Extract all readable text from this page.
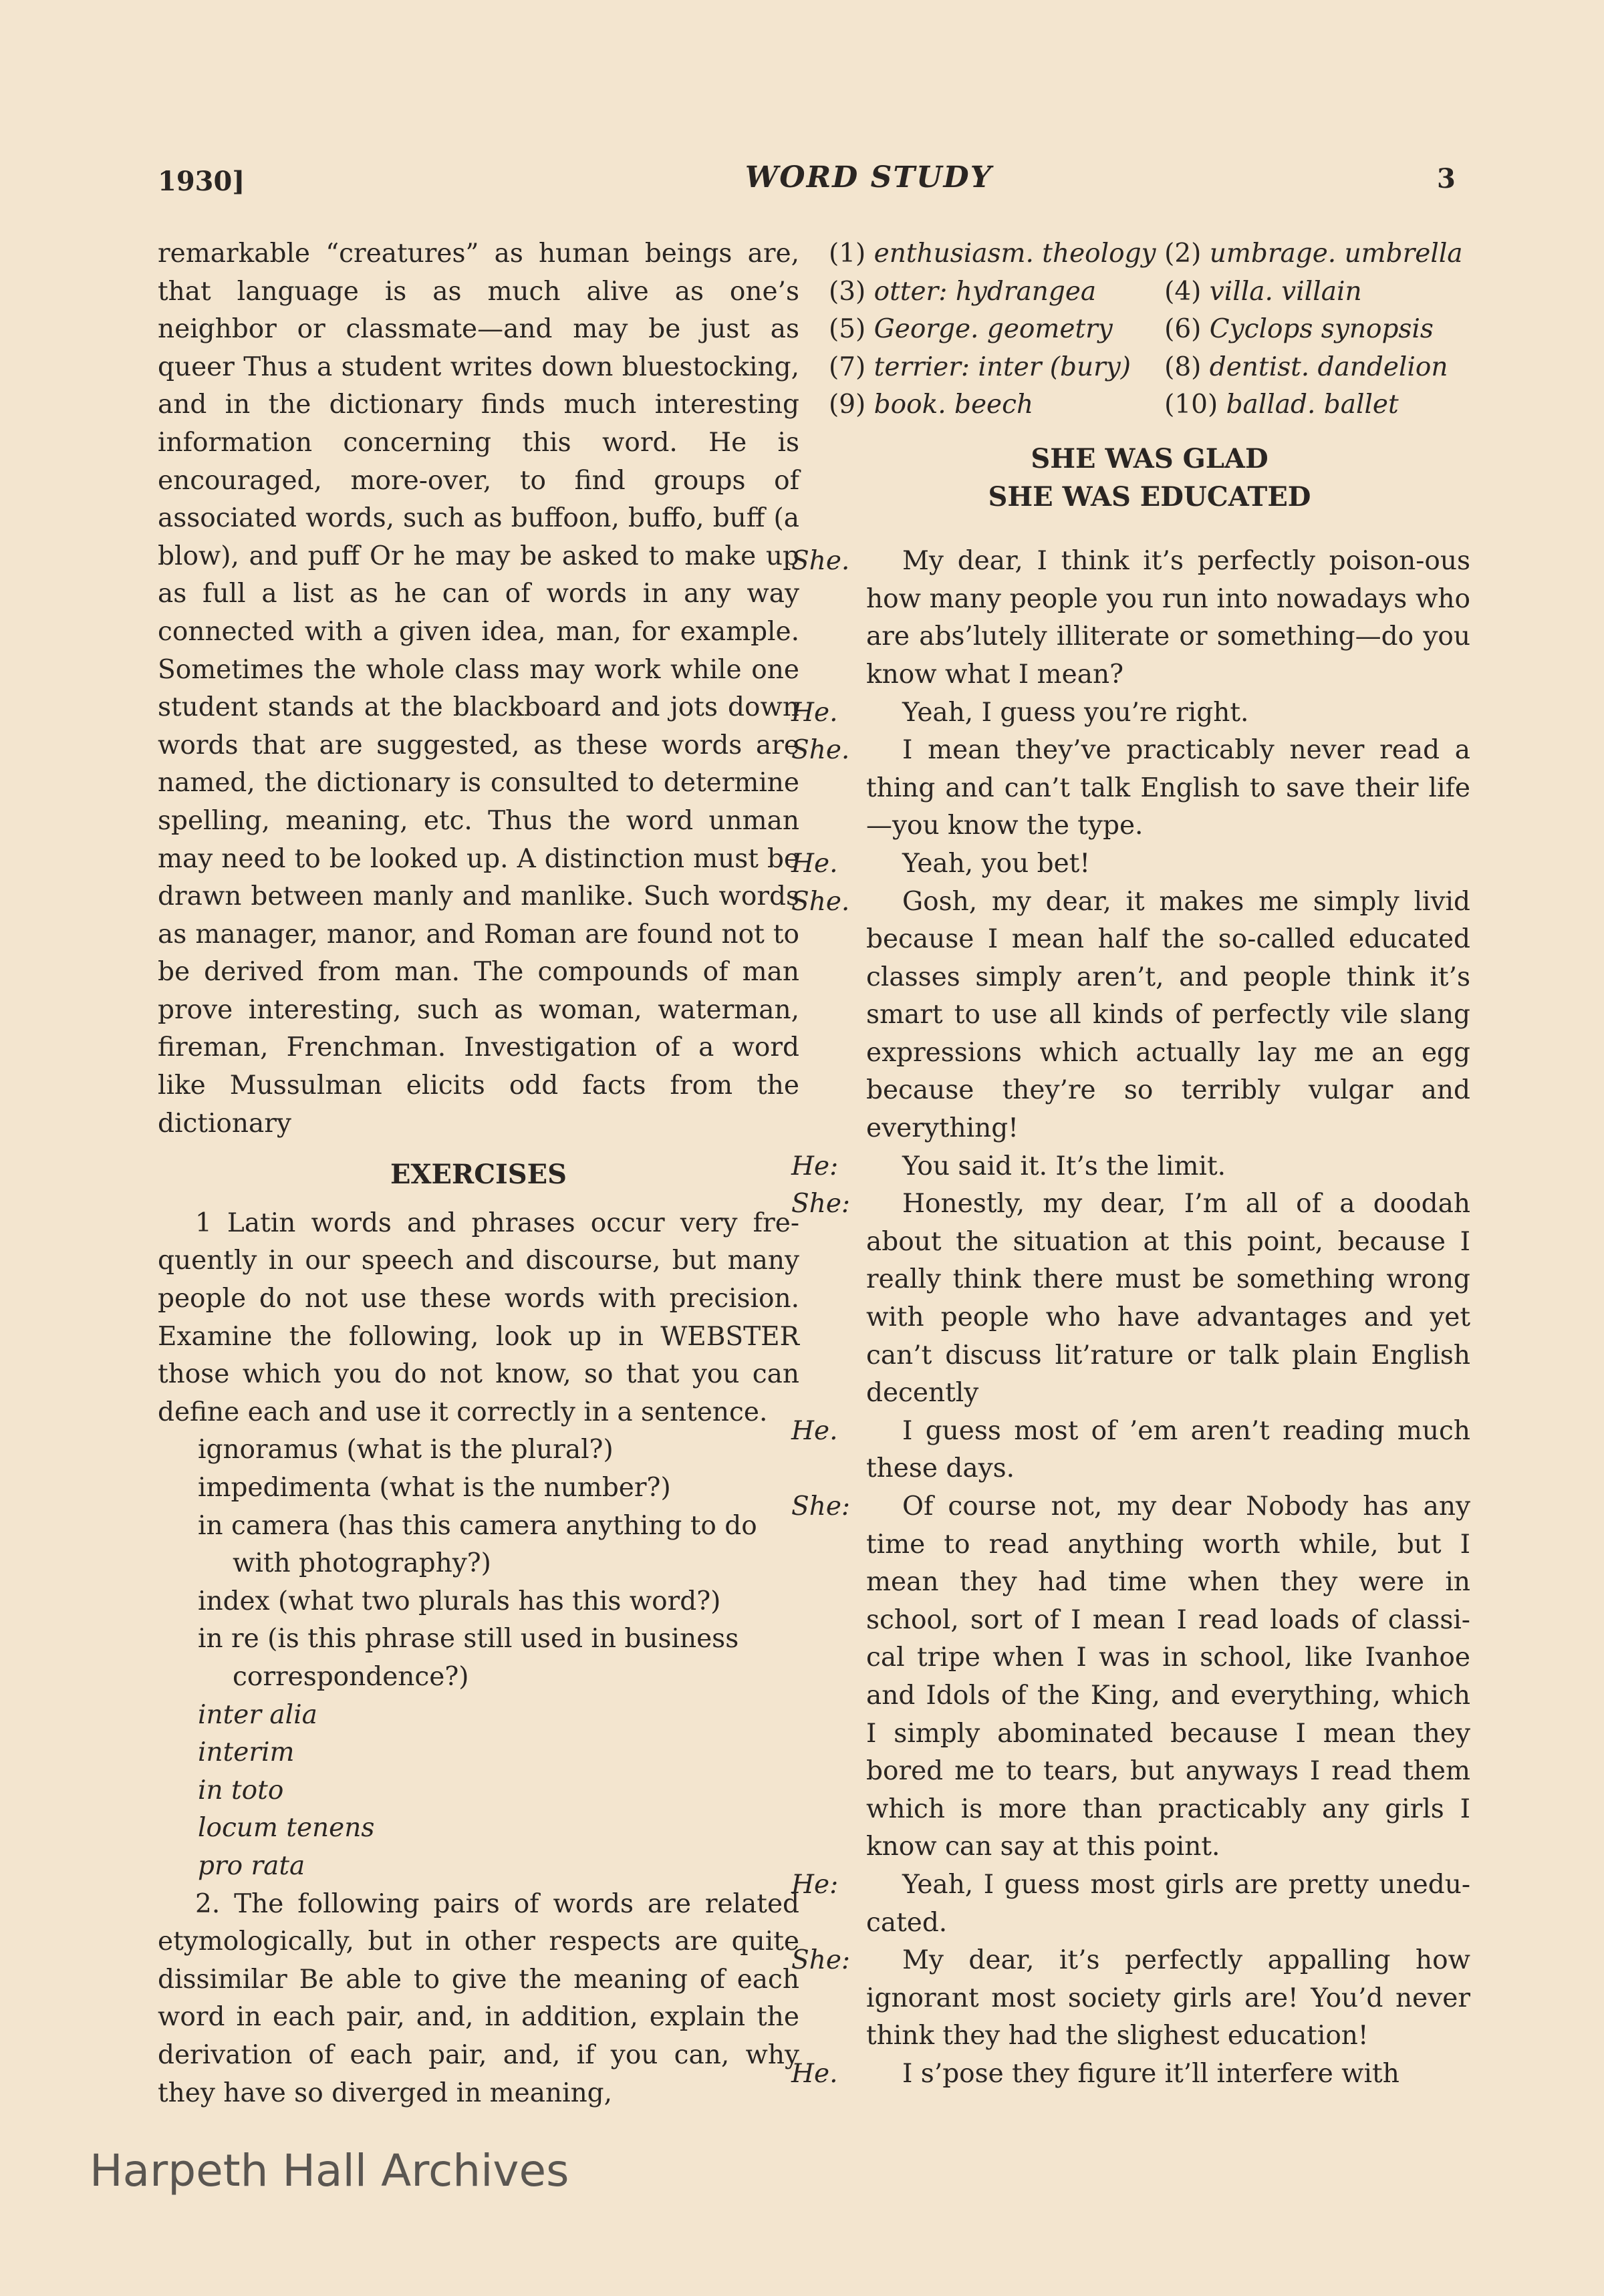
1930]	WORD STUDY	3

remarkable “creatures” as human beings are, that language is as much alive as one’s neighbor or classmate—and may be just as queer Thus a student writes down bluestocking, and in the dictionary finds much interesting information concerning this word. He is encouraged, more-over, to find groups of associated words, such as buffoon, buffo, buff (a blow), and puff Or he may be asked to make up as full a list as he can of words in any way connected with a given idea, man, for example. Sometimes the whole class may work while one student stands at the blackboard and jots down words that are suggested, as these words are named, the dictionary is consulted to determine spelling, meaning, etc. Thus the word unman may need to be looked up. A distinction must be drawn between manly and manlike. Such words as manager, manor, and Roman are found not to be derived from man. The compounds of man prove interesting, such as woman, waterman, fireman, Frenchman. Investigation of a word like Mussulman elicits odd facts from the dictionary

EXERCISES

1 Latin words and phrases occur very fre-quently in our speech and discourse, but many people do not use these words with precision. Examine the following, look up in WEBSTER those which you do not know, so that you can define each and use it correctly in a sentence.

ignoramus (what is the plural?)
impedimenta (what is the number?)
in camera (has this camera anything to do with photography?)
index (what two plurals has this word?)
in re (is this phrase still used in business correspondence?)
inter alia
interim
in toto
locum tenens
pro rata

2. The following pairs of words are related etymologically, but in other respects are quite dissimilar Be able to give the meaning of each word in each pair, and, in addition, explain the derivation of each pair, and, if you can, why they have so diverged in meaning,

(1) enthusiasm. theology	(2) umbrage. umbrella
(3) otter: hydrangea	(4) villa. villain
(5) George. geometry	(6) Cyclops synopsis
(7) terrier: inter (bury)	(8) dentist. dandelion
(9) book. beech	(10) ballad. ballet
SHE WAS GLAD
SHE WAS EDUCATED

She. My dear, I think it’s perfectly poison-ous how many people you run into nowadays who are abs’lutely illiterate or something—do you know what I mean?

He. Yeah, I guess you’re right.

She. I mean they’ve practicably never read a thing and can’t talk English to save their life—you know the type.

He. Yeah, you bet!

She. Gosh, my dear, it makes me simply livid because I mean half the so-called educated classes simply aren’t, and people think it’s smart to use all kinds of perfectly vile slang expressions which actually lay me an egg because they’re so terribly vulgar and everything!

He: You said it. It’s the limit.

She: Honestly, my dear, I’m all of a doodah about the situation at this point, because I really think there must be something wrong with people who have advantages and yet can’t discuss lit’rature or talk plain English decently

He. I guess most of ’em aren’t reading much these days.

She: Of course not, my dear Nobody has any time to read anything worth while, but I mean they had time when they were in school, sort of I mean I read loads of classi-cal tripe when I was in school, like Ivanhoe and Idols of the King, and everything, which I simply abominated because I mean they bored me to tears, but anyways I read them which is more than practicably any girls I know can say at this point.

He: Yeah, I guess most girls are pretty unedu-cated.

She: My dear, it’s perfectly appalling how ignorant most society girls are! You’d never think they had the slighest education!

He. I s’pose they figure it’ll interfere with

Harpeth Hall Archives
